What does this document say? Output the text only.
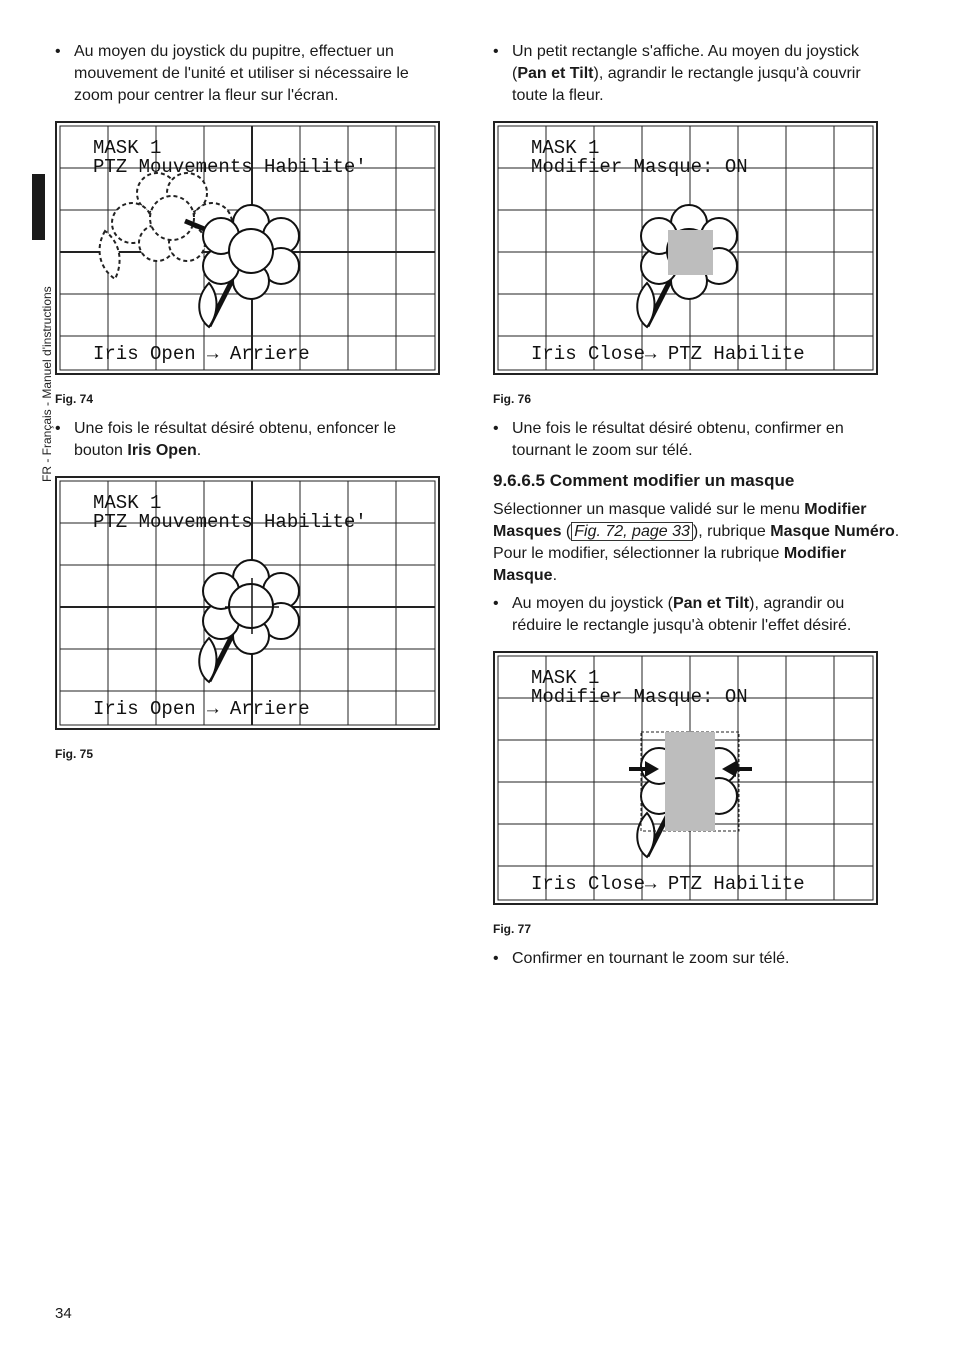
FR - Français - Manuel d'instructions
• Au moyen du joystick du pupitre, effectuer un mouvement de l'unité et utiliser si nécessaire le zoom pour centrer la fleur sur l'écran.
MASK 1
PTZ Mouvements Habilite'
Iris Open → Arriere
Fig. 74
• Une fois le résultat désiré obtenu, enfoncer le bouton Iris Open.
MASK 1
PTZ Mouvements Habilite'
Iris Open → Arriere
Fig. 75
• Un petit rectangle s'affiche. Au moyen du joystick (Pan et Tilt), agrandir le rectangle jusqu'à couvrir toute la fleur.
MASK 1
Modifier Masque: ON
Iris Close→ PTZ Habilite
Fig. 76
• Une fois le résultat désiré obtenu, confirmer en tournant le zoom sur télé.
9.6.6.5 Comment modifier un masque
Sélectionner un masque validé sur le menu Modifier Masques ( Fig. 72, page 33 ), rubrique Masque Numéro. Pour le modifier, sélectionner la rubrique Modifier Masque.
• Au moyen du joystick (Pan et Tilt), agrandir ou réduire le rectangle jusqu'à obtenir l'effet désiré.
MASK 1
Modifier Masque: ON
Iris Close→ PTZ Habilite
Fig. 77
• Confirmer en tournant le zoom sur télé.
34
